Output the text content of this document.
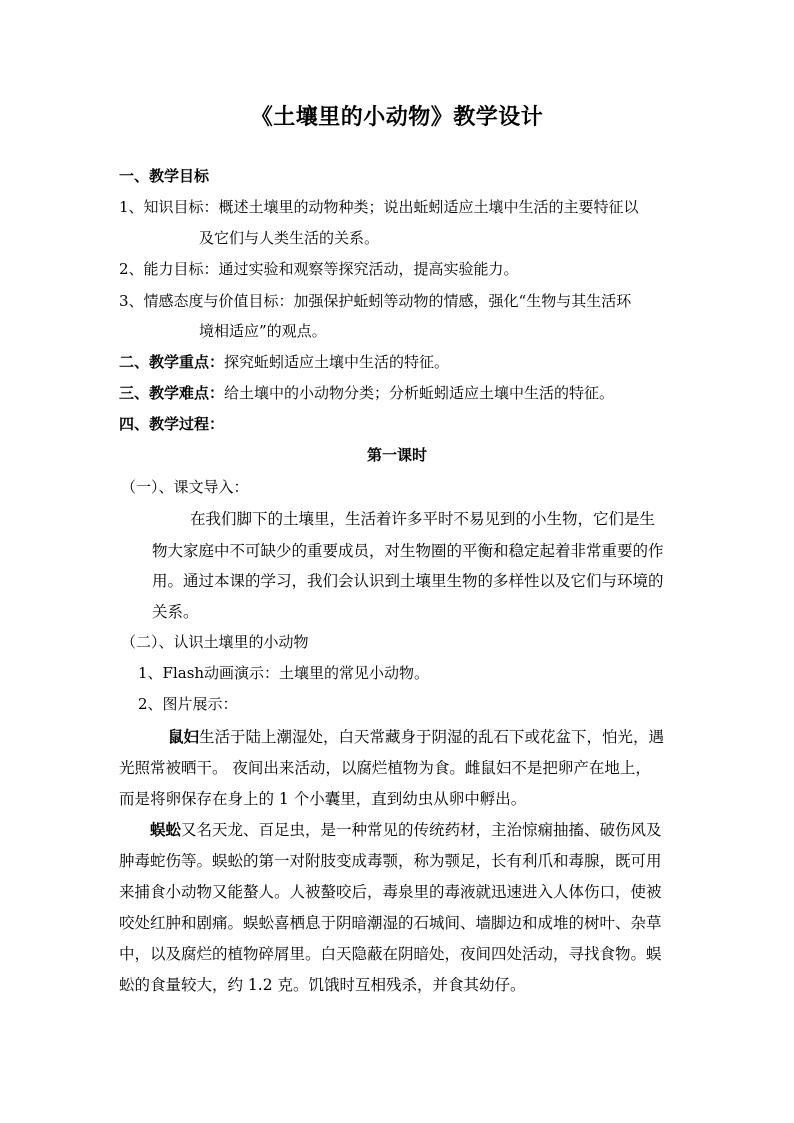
《土壤里的小动物》教学设计
一、教学目标
1、知识目标：概述土壤里的动物种类；说出蚯蚓适应土壤中生活的主要特征以
及它们与人类生活的关系。
2、能力目标：通过实验和观察等探究活动，提高实验能力。
3、情感态度与价值目标：加强保护蚯蚓等动物的情感，强化“生物与其生活环
境相适应”的观点。
二、教学重点：探究蚯蚓适应土壤中生活的特征。
三、教学难点：给土壤中的小动物分类；分析蚯蚓适应土壤中生活的特征。
四、教学过程：
第一课时
（一）、课文导入：
在我们脚下的土壤里，生活着许多平时不易见到的小生物，它们是生
物大家庭中不可缺少的重要成员，对生物圈的平衡和稳定起着非常重要的作
用。通过本课的学习，我们会认识到土壤里生物的多样性以及它们与环境的
关系。
（二）、认识土壤里的小动物
1、Flash动画演示：土壤里的常见小动物。
2、图片展示：
鼠妇生活于陆上潮湿处，白天常藏身于阴湿的乱石下或花盆下，怕光，遇
光照常被晒干。 夜间出来活动，以腐烂植物为食。雌鼠妇不是把卵产在地上，
而是将卵保存在身上的 1 个小囊里，直到幼虫从卵中孵出。
蜈蚣又名天龙、百足虫，是一种常见的传统药材，主治惊痫抽搐、破伤风及
肿毒蛇伤等。蜈蚣的第一对附肢变成毒颚，称为颚足，长有利爪和毒腺，既可用
来捕食小动物又能螯人。人被螯咬后，毒泉里的毒液就迅速进入人体伤口，使被
咬处红肿和剧痛。蜈蚣喜栖息于阴暗潮湿的石城间、墙脚边和成堆的树叶、杂草
中，以及腐烂的植物碎屑里。白天隐蔽在阴暗处，夜间四处活动，寻找食物。蜈
蚣的食量较大，约 1.2 克。饥饿时互相残杀，并食其幼仔。
